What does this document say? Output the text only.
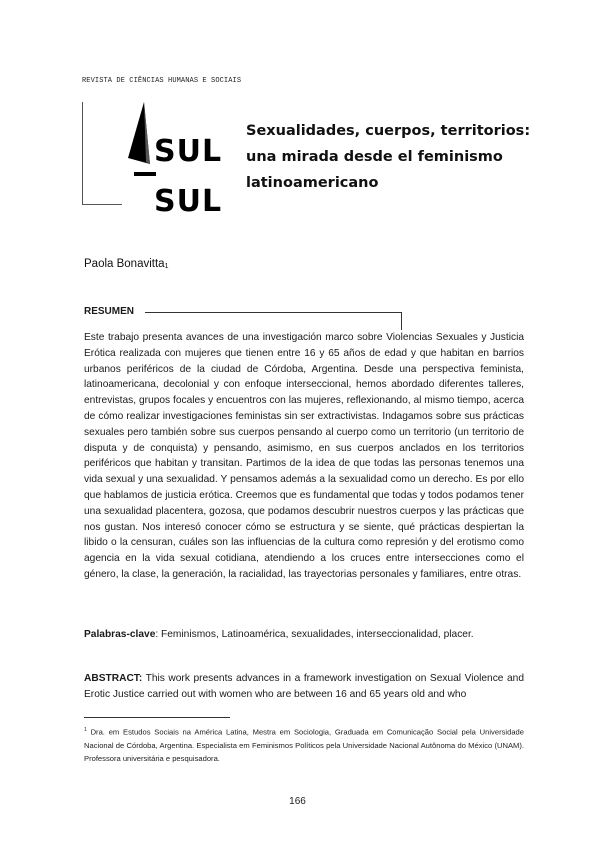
REVISTA DE CIÊNCIAS HUMANAS E SOCIAIS
SUL
SUL
Sexualidades, cuerpos, territorios:
una mirada desde el feminismo
latinoamericano
Paola Bonavitta$^1$
RESUMEN

Este trabajo presenta avances de una investigación marco sobre Violencias Sexuales y Justicia Erótica realizada con mujeres que tienen entre 16 y 65 años de edad y que habitan en barrios urbanos periféricos de la ciudad de Córdoba, Argentina. Desde una perspectiva feminista, latinoamericana, decolonial y con enfoque interseccional, hemos abordado diferentes talleres, entrevistas, grupos focales y encuentros con las mujeres, reflexionando, al mismo tiempo, acerca de cómo realizar investigaciones feministas sin ser extractivistas. Indagamos sobre sus prácticas sexuales pero también sobre sus cuerpos pensando al cuerpo como un territorio (un territorio de disputa y de conquista) y pensando, asimismo, en sus cuerpos anclados en los territorios periféricos que habitan y transitan. Partimos de la idea de que todas las personas tenemos una vida sexual y una sexualidad. Y pensamos además a la sexualidad como un derecho. Es por ello que hablamos de justicia erótica. Creemos que es fundamental que todas y todos podamos tener una sexualidad placentera, gozosa, que podamos descubrir nuestros cuerpos y las prácticas que nos gustan. Nos interesó conocer cómo se estructura y se siente, qué prácticas despiertan la libido o la censuran, cuáles son las influencias de la cultura como represión y del erotismo como agencia en la vida sexual cotidiana, atendiendo a los cruces entre intersecciones como el género, la clase, la generación, la racialidad, las trayectorias personales y familiares, entre otras.

Palabras-clave: Feminismos, Latinoamérica, sexualidades, interseccionalidad, placer.
ABSTRACT: This work presents advances in a framework investigation on Sexual Violence and Erotic Justice carried out with women who are between 16 and 65 years old and who
$^1$ Dra. em Estudos Sociais na América Latina, Mestra em Sociologia, Graduada em Comunicação Social pela Universidade Nacional de Córdoba, Argentina. Especialista em Feminismos Políticos pela Universidade Nacional Autônoma do México (UNAM). Professora universitária e pesquisadora.
166
